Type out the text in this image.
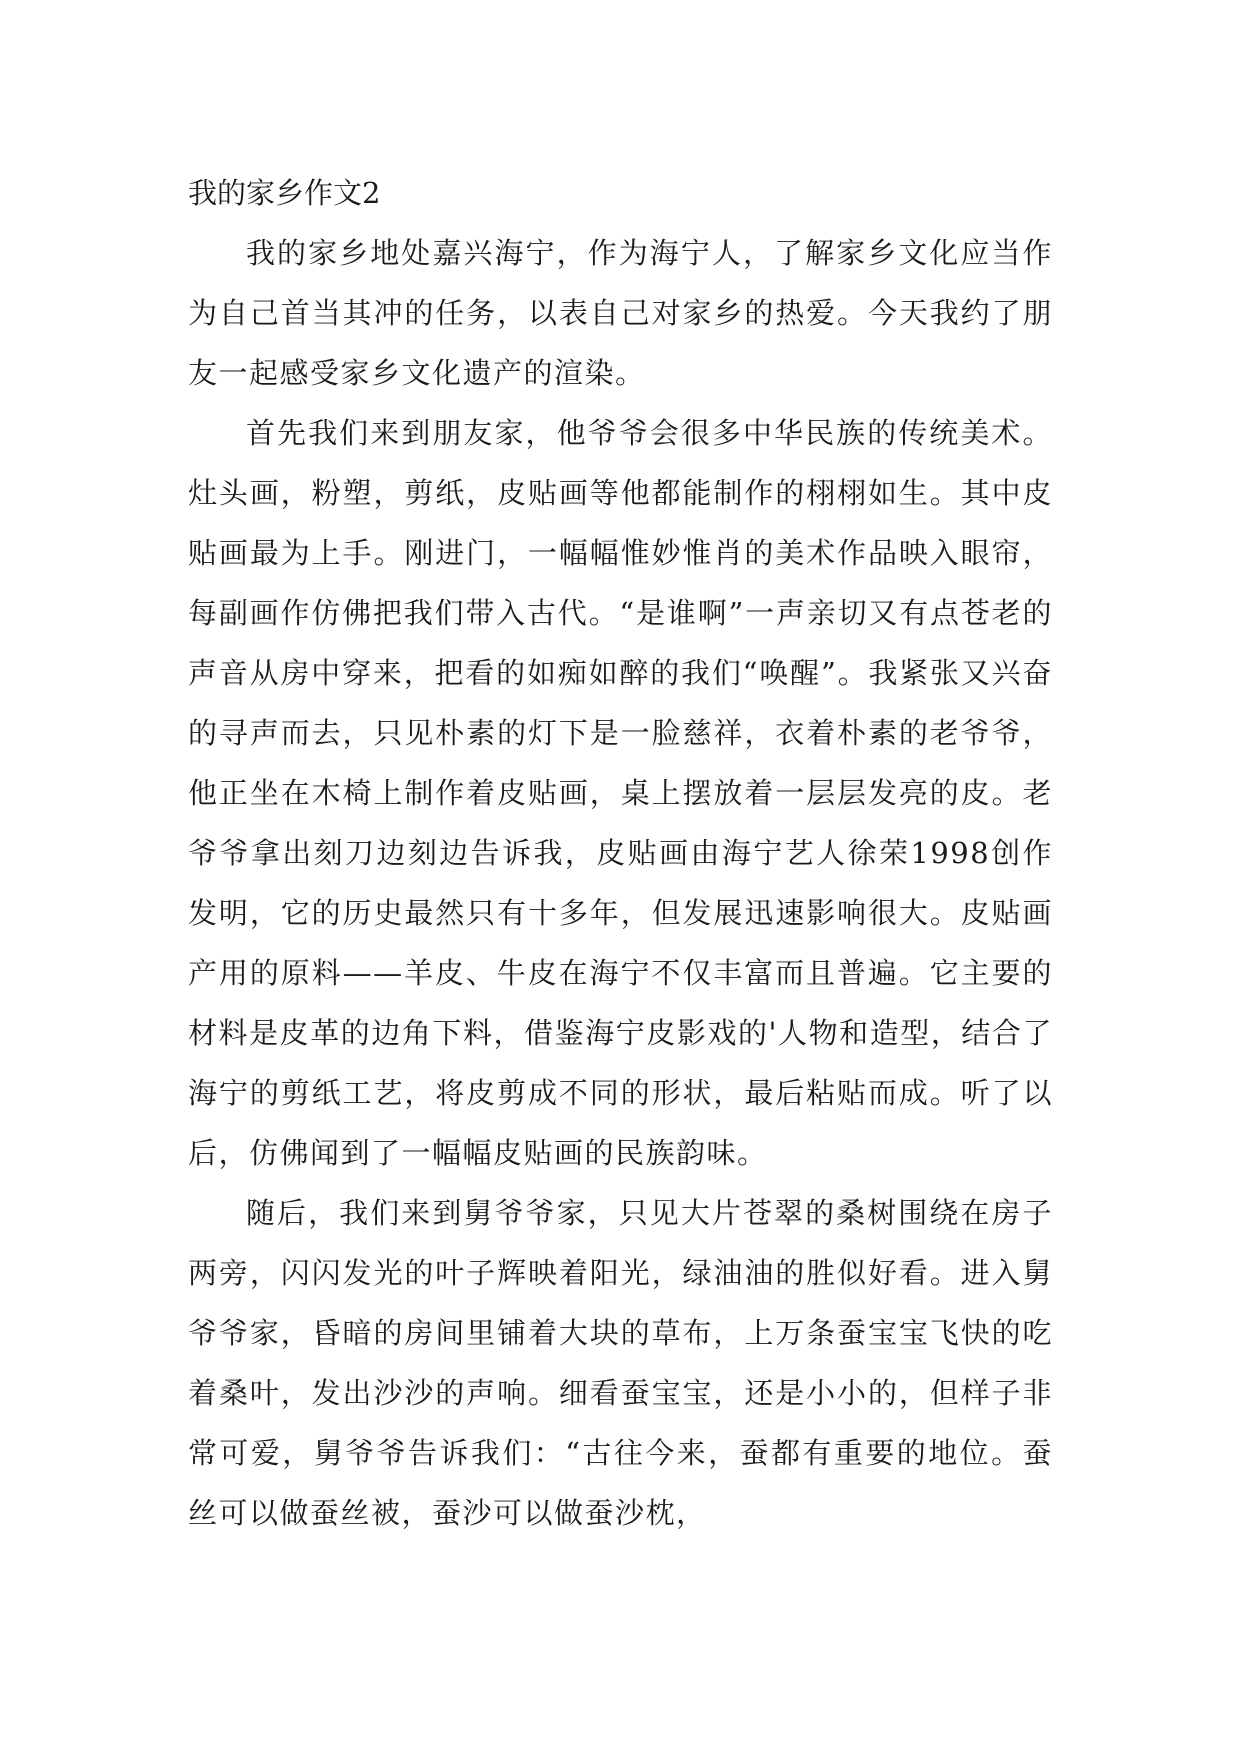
我的家乡作文2

我的家乡地处嘉兴海宁，作为海宁人，了解家乡文化应当作为自己首当其冲的任务，以表自己对家乡的热爱。今天我约了朋友一起感受家乡文化遗产的渲染。

首先我们来到朋友家，他爷爷会很多中华民族的传统美术。灶头画，粉塑，剪纸，皮贴画等他都能制作的栩栩如生。其中皮贴画最为上手。刚进门，一幅幅惟妙惟肖的美术作品映入眼帘，每副画作仿佛把我们带入古代。“是谁啊”一声亲切又有点苍老的声音从房中穿来，把看的如痴如醉的我们“唤醒”。我紧张又兴奋的寻声而去，只见朴素的灯下是一脸慈祥，衣着朴素的老爷爷，他正坐在木椅上制作着皮贴画，桌上摆放着一层层发亮的皮。老爷爷拿出刻刀边刻边告诉我，皮贴画由海宁艺人徐荣1998创作发明，它的历史最然只有十多年，但发展迅速影响很大。皮贴画产用的原料——羊皮、牛皮在海宁不仅丰富而且普遍。它主要的材料是皮革的边角下料，借鉴海宁皮影戏的'人物和造型，结合了海宁的剪纸工艺，将皮剪成不同的形状，最后粘贴而成。听了以后，仿佛闻到了一幅幅皮贴画的民族韵味。

随后，我们来到舅爷爷家，只见大片苍翠的桑树围绕在房子两旁，闪闪发光的叶子辉映着阳光，绿油油的胜似好看。进入舅爷爷家，昏暗的房间里铺着大块的草布，上万条蚕宝宝飞快的吃着桑叶，发出沙沙的声响。细看蚕宝宝，还是小小的，但样子非常可爱，舅爷爷告诉我们：“古往今来，蚕都有重要的地位。蚕丝可以做蚕丝被，蚕沙可以做蚕沙枕，
